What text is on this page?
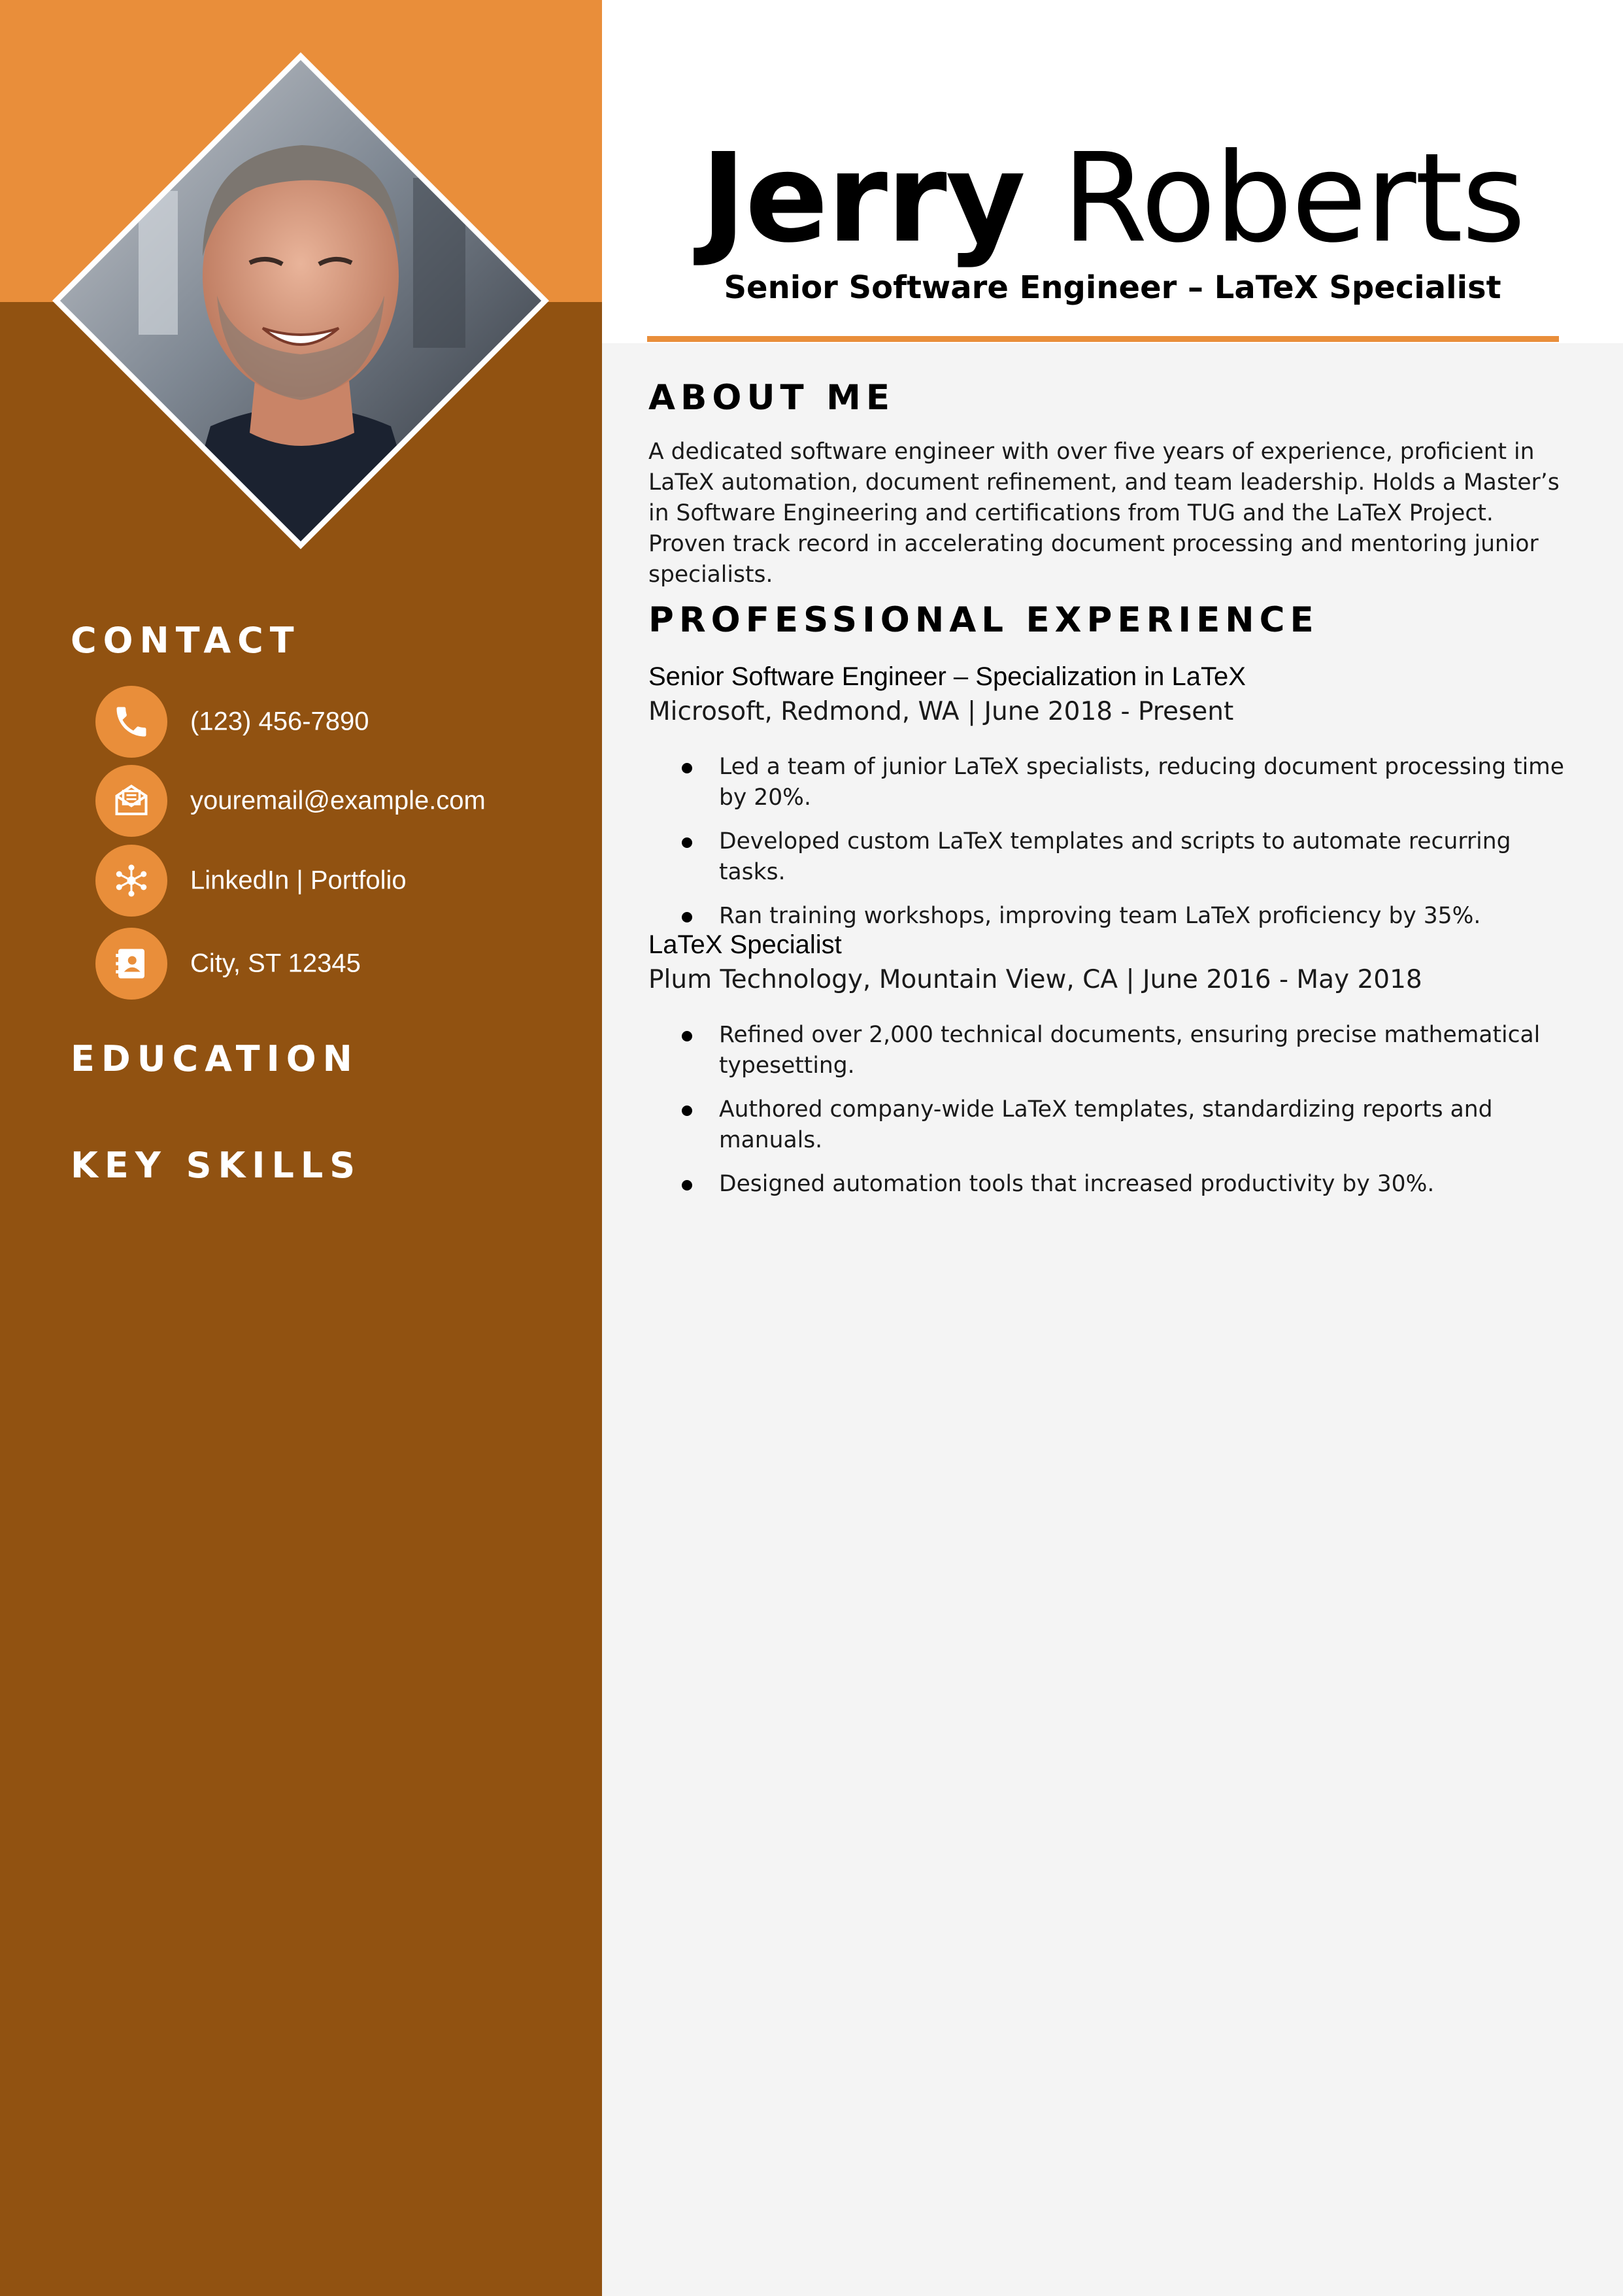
Jerry Roberts
Senior Software Engineer – LaTeX Specialist
CONTACT
(123) 456-7890
youremail@example.com
LinkedIn | Portfolio
City, ST 12345
EDUCATION
KEY SKILLS
ABOUT ME
A dedicated software engineer with over five years of experience, proficient in LaTeX automation, document refinement, and team leadership. Holds a Master’s in Software Engineering and certifications from TUG and the LaTeX Project. Proven track record in accelerating document processing and mentoring junior specialists.
PROFESSIONAL EXPERIENCE
Senior Software Engineer – Specialization in LaTeX
Microsoft, Redmond, WA | June 2018 - Present
Led a team of junior LaTeX specialists, reducing document processing time by 20%.
Developed custom LaTeX templates and scripts to automate recurring tasks.
Ran training workshops, improving team LaTeX proficiency by 35%.
LaTeX Specialist
Plum Technology, Mountain View, CA | June 2016 - May 2018
Refined over 2,000 technical documents, ensuring precise mathematical typesetting.
Authored company-wide LaTeX templates, standardizing reports and manuals.
Designed automation tools that increased productivity by 30%.
